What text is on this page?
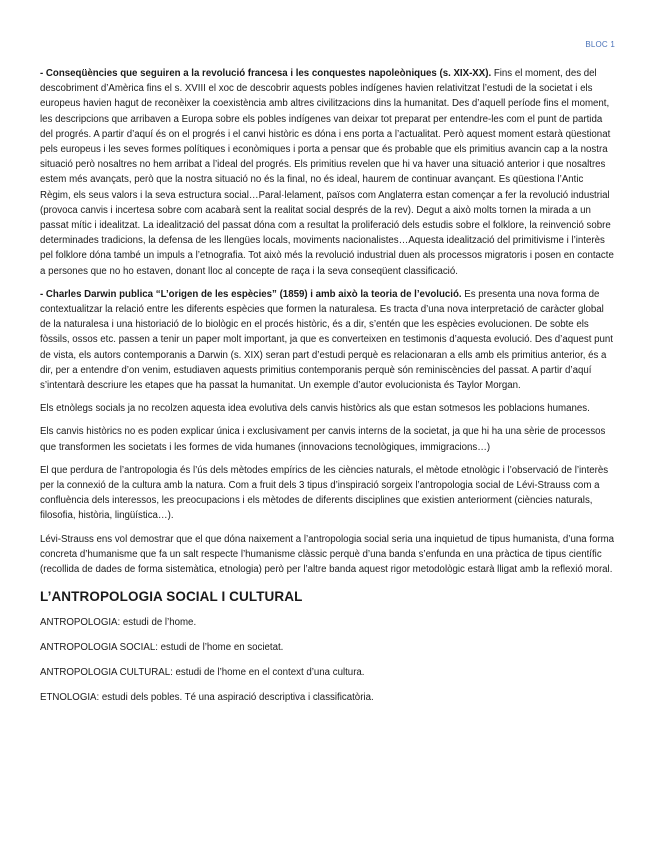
BLOC 1

- Conseqüències que seguiren a la revolució francesa i les conquestes napoleòniques (s. XIX-XX). Fins el moment, des del descobriment d’Amèrica fins el s. XVIII el xoc de descobrir aquests pobles indígenes havien relativitzat l’estudi de la societat i els europeus havien hagut de reconèixer la coexistència amb altres civilitzacions dins la humanitat. Des d’aquell període fins el moment, les descripcions que arribaven a Europa sobre els pobles indígenes van deixar tot preparat per entendre-les com el punt de partida del progrés. A partir d’aquí és on el progrés i el canvi històric es dóna i ens porta a l’actualitat. Però aquest moment estarà qüestionat pels europeus i les seves formes polítiques i econòmiques i porta a pensar que és probable que els primitius avancin cap a la nostra situació però nosaltres no hem arribat a l’ideal del progrés. Els primitius revelen que hi va haver una situació anterior i que nosaltres estem més avançats, però que la nostra situació no és la final, no és ideal, haurem de continuar avançant. Es qüestiona l’Antic Règim, els seus valors i la seva estructura social…Paral·lelament, països com Anglaterra estan començar a fer la revolució industrial (provoca canvis i incertesa sobre com acabarà sent la realitat social després de la rev). Degut a això molts tornen la mirada a un passat mític i idealitzat. La idealització del passat dóna com a resultat la proliferació dels estudis sobre el folklore, la reinvenció sobre determinades tradicions, la defensa de les llengües locals, moviments nacionalistes…Aquesta idealització del primitivisme i l’interès pel folklore dóna també un impuls a l’etnografia. Tot això més la revolució industrial duen als processos migratoris i posen en contacte a persones que no ho estaven, donant lloc al concepte de raça i la seva conseqüent classificació.

- Charles Darwin publica “L’origen de les espècies” (1859) i amb això la teoria de l’evolució. Es presenta una nova forma de contextualitzar la relació entre les diferents espècies que formen la naturalesa. Es tracta d’una nova interpretació de caràcter global de la naturalesa i una historiació de lo biològic en el procés històric, és a dir, s’entén que les espècies evolucionen. De sobte els fòssils, ossos etc. passen a tenir un paper molt important, ja que es converteixen en testimonis d’aquesta evolució. Des d’aquest punt de vista, els autors contemporanis a Darwin (s. XIX) seran part d’estudi perquè es relacionaran a ells amb els primitius anterior, és a dir, per a entendre d’on venim, estudiaven aquests primitius contemporanis perquè són reminiscències del passat. A partir d’aquí s’intentarà descriure les etapes que ha passat la humanitat. Un exemple d’autor evolucionista és Taylor Morgan.

Els etnòlegs socials ja no recolzen aquesta idea evolutiva dels canvis històrics als que estan sotmesos les poblacions humanes.

Els canvis històrics no es poden explicar única i exclusivament per canvis interns de la societat, ja que hi ha una sèrie de processos que transformen les societats i les formes de vida humanes (innovacions tecnològiques, immigracions…)

El que perdura de l’antropologia és l’ús dels mètodes empírics de les ciències naturals, el mètode etnològic i l’observació de l’interès per la connexió de la cultura amb la natura. Com a fruit dels 3 tipus d’inspiració sorgeix l’antropologia social de Lévi-Strauss com a confluència dels interessos, les preocupacions i els mètodes de diferents disciplines que existien anteriorment (ciències naturals, filosofia, història, lingüística…).

Lévi-Strauss ens vol demostrar que el que dóna naixement a l’antropologia social seria una inquietud de tipus humanista, d’una forma concreta d’humanisme que fa un salt respecte l’humanisme clàssic perquè d’una banda s’enfunda en una pràctica de tipus científic (recollida de dades de forma sistemàtica, etnologia) però per l’altre banda aquest rigor metodològic estarà lligat amb la reflexió moral.

L’ANTROPOLOGIA SOCIAL I CULTURAL
ANTROPOLOGIA: estudi de l’home.
ANTROPOLOGIA SOCIAL: estudi de l’home en societat.
ANTROPOLOGIA CULTURAL: estudi de l’home en el context d’una cultura.
ETNOLOGIA: estudi dels pobles. Té una aspiració descriptiva i classificatòria.
